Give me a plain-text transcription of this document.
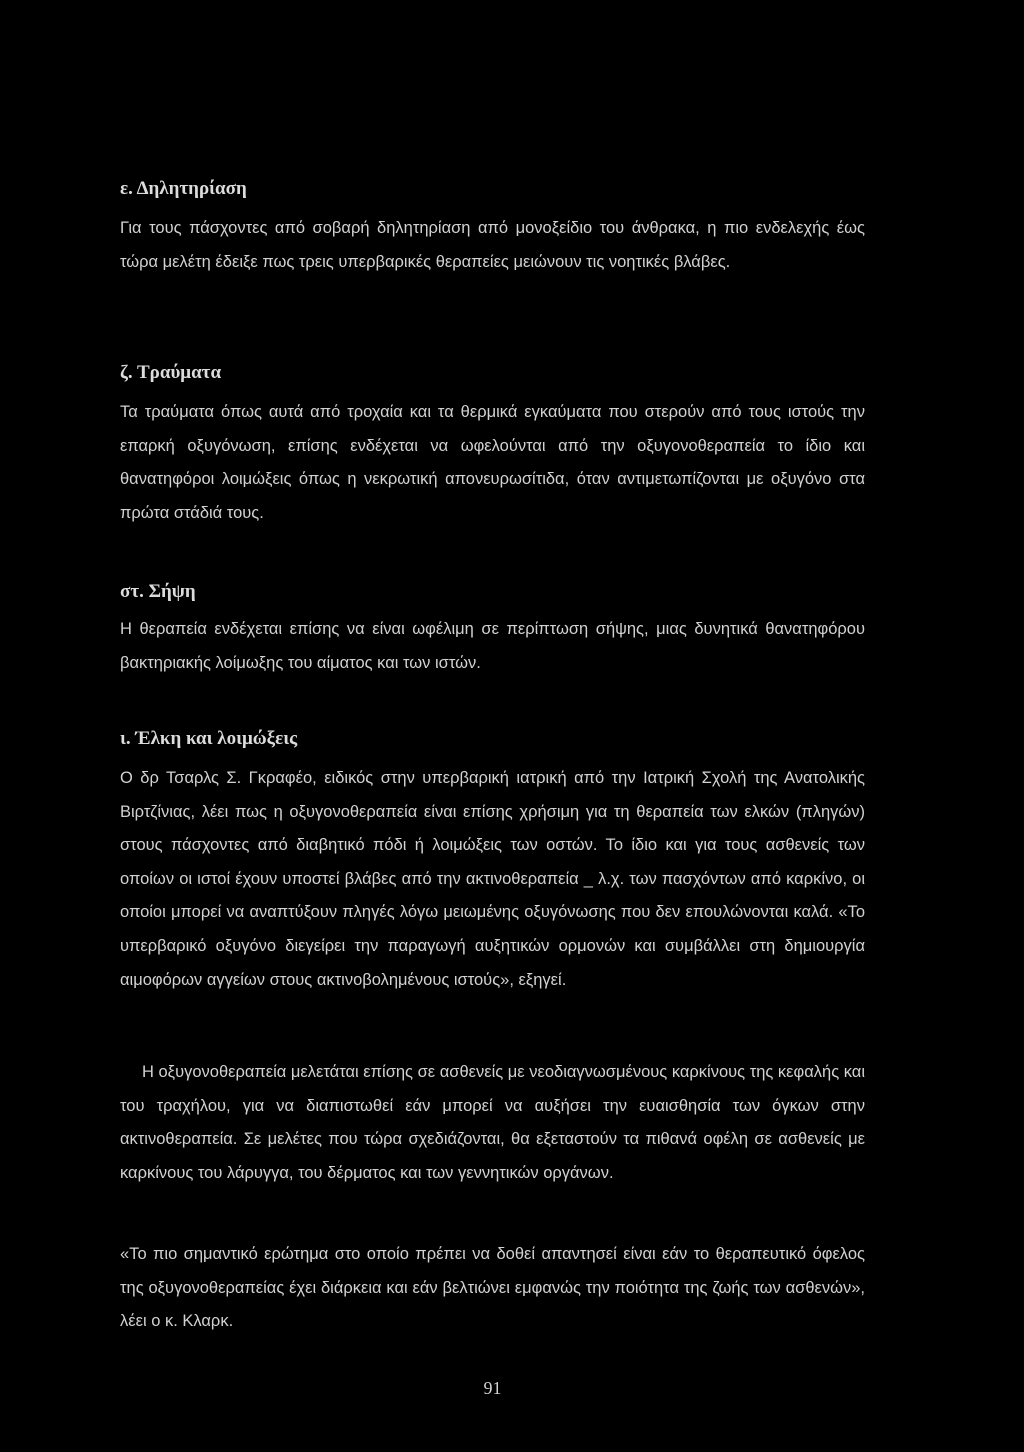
ε. Δηλητηρίαση
Για τους πάσχοντες από σοβαρή δηλητηρίαση από μονοξείδιο του άνθρακα, η πιο ενδελεχής έως τώρα μελέτη έδειξε πως τρεις υπερβαρικές θεραπείες μειώνουν τις νοητικές βλάβες.
ζ. Τραύματα
Τα τραύματα όπως αυτά από τροχαία και τα θερμικά εγκαύματα που στερούν από τους ιστούς την επαρκή οξυγόνωση, επίσης ενδέχεται να ωφελούνται από την οξυγονοθεραπεία το ίδιο και θανατηφόροι λοιμώξεις όπως η νεκρωτική απονευρωσίτιδα, όταν αντιμετωπίζονται με οξυγόνο στα πρώτα στάδιά τους.
στ. Σήψη
Η θεραπεία ενδέχεται επίσης να είναι ωφέλιμη σε περίπτωση σήψης, μιας δυνητικά θανατηφόρου βακτηριακής λοίμωξης του αίματος και των ιστών.
ι. Έλκη και λοιμώξεις
Ο δρ Τσαρλς Σ. Γκραφέο, ειδικός στην υπερβαρική ιατρική από την Ιατρική Σχολή της Ανατολικής Βιρτζίνιας, λέει πως η οξυγονοθεραπεία είναι επίσης χρήσιμη για τη θεραπεία των ελκών (πληγών) στους πάσχοντες από διαβητικό πόδι ή λοιμώξεις των οστών. Το ίδιο και για τους ασθενείς των οποίων οι ιστοί έχουν υποστεί βλάβες από την ακτινοθεραπεία _ λ.χ. των πασχόντων από καρκίνο, οι οποίοι μπορεί να αναπτύξουν πληγές λόγω μειωμένης οξυγόνωσης που δεν επουλώνονται καλά. «Το υπερβαρικό οξυγόνο διεγείρει την παραγωγή αυξητικών ορμονών και συμβάλλει στη δημιουργία αιμοφόρων αγγείων στους ακτινοβολημένους ιστούς», εξηγεί.
Η οξυγονοθεραπεία μελετάται επίσης σε ασθενείς με νεοδιαγνωσμένους καρκίνους της κεφαλής και του τραχήλου, για να διαπιστωθεί εάν μπορεί να αυξήσει την ευαισθησία των όγκων στην ακτινοθεραπεία. Σε μελέτες που τώρα σχεδιάζονται, θα εξεταστούν τα πιθανά οφέλη σε ασθενείς με καρκίνους του λάρυγγα, του δέρματος και των γεννητικών οργάνων.
«Το πιο σημαντικό ερώτημα στο οποίο πρέπει να δοθεί απαντησεί είναι εάν το θεραπευτικό όφελος της οξυγονοθεραπείας έχει διάρκεια και εάν βελτιώνει εμφανώς την ποιότητα της ζωής των ασθενών», λέει ο κ. Κλαρκ.
91
